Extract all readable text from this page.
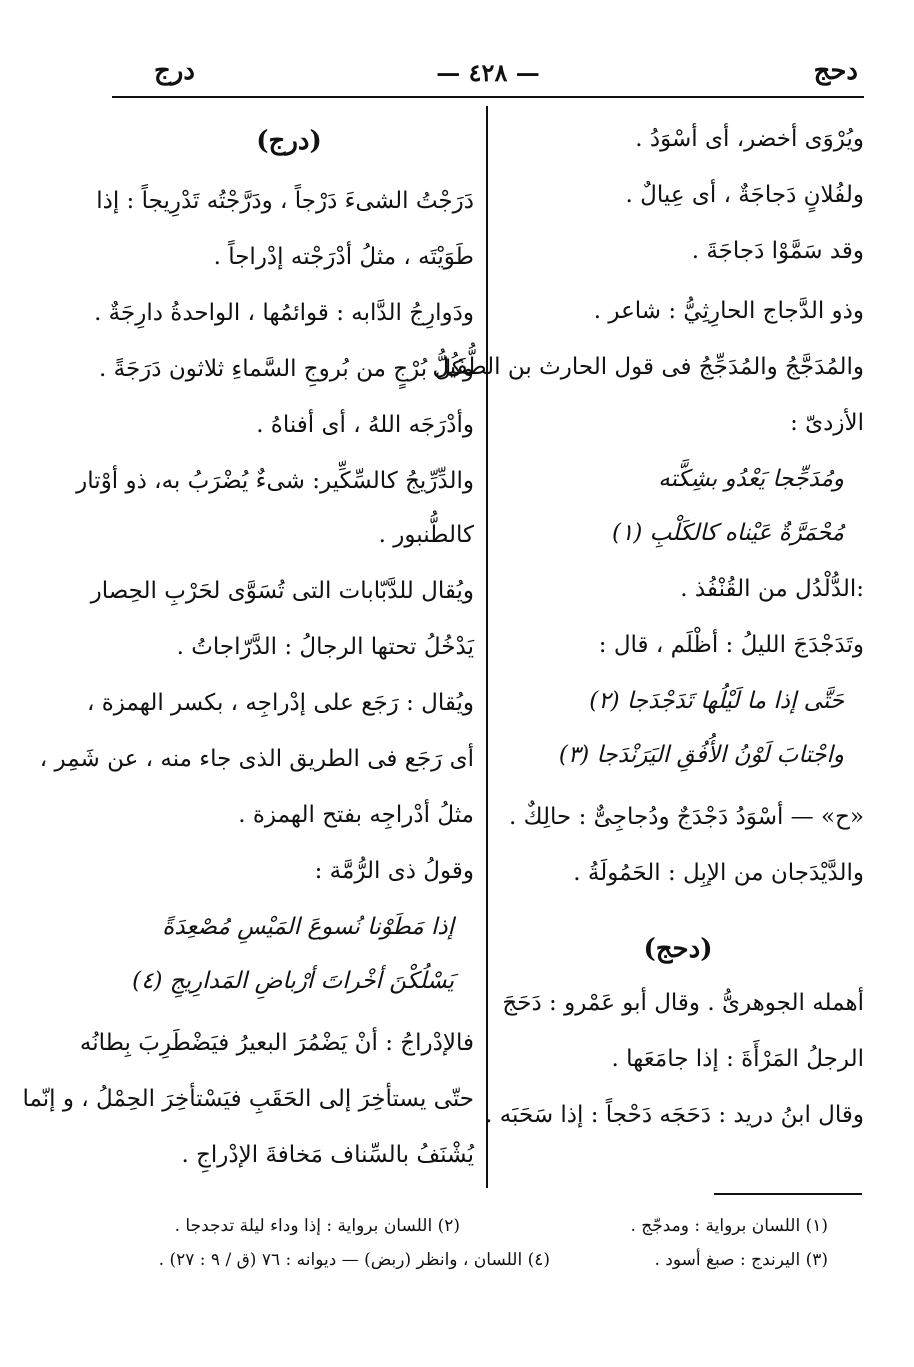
دحج
— ٤٢٨ —
درج
ويُرْوَى أخضر، أى أسْوَدُ .
ولفُلانٍ دَجاجَةٌ ، أى عِيالٌ .
وقد سَمَّوْا دَجاجَةَ .
وذو الدَّجاج الحارِثِيُّ : شاعر .
والمُدَجَّجُ والمُدَجِّجُ فى قول الحارث بن الطُّفَيل
الأزدىّ :
ومُدَجِّجا يَعْدُو بشِكَّته
مُحْمَرَّةٌ عَيْناه كالكَلْبِ (١)
:الدُّلْدُل من القُنْفُذ .
وتَدَجْدَجَ الليلُ : أظْلَم ، قال :
حَتَّى إذا ما لَيْلُها تَدَجْدَجا (٢)
واجْتابَ لَوْنُ الأُفُقِ اليَرَنْدَجا (٣)
«ح» — أسْوَدُ دَجْدَجٌ ودُجاجِىٌّ : حالِكٌ .
والدَّيْدَجان من الإبِل : الحَمُولَةُ .
(دحج)
أهمله الجوهرىُّ . وقال أبو عَمْرو : دَحَجَ
الرجلُ المَرْأَةَ : إذا جامَعَها .
وقال ابنُ دريد : دَحَجَه دَحْجاً : إذا سَحَبَه .
(درج)
دَرَجْتُ الشىءَ دَرْجاً ، ودَرَّجْتُه تَدْرِيجاً : إذا
طَوَيْتَه ، مثلُ أدْرَجْته إدْراجاً .
ودَوارِجُ الدَّابه : قوائمُها ، الواحدةُ دارِجَةٌ .
وكُلُّ بُرْجٍ من بُروجِ السَّماءِ ثلاثون دَرَجَةً .
وأدْرَجَه اللهُ ، أى أفناهُ .
والدِّرِّيجُ كالسِّكِّير: شىءٌ يُضْرَبُ به، ذو أوْتار
كالطُّنبور .
ويُقال للدَّبّابات التى تُسَوَّى لحَرْبِ الحِصار
يَدْخُلُ تحتها الرجالُ : الدَّرّاجاتُ .
ويُقال : رَجَع على إدْراجِه ، بكسر الهمزة ،
أى رَجَع فى الطريق الذى جاء منه ، عن شَمِر ،
مثلُ أدْراجِه بفتح الهمزة .
وقولُ ذى الرُّمَّة :
إذا مَطَوْنا نُسوعَ المَيْسِ مُصْعِدَةً
يَسْلُكْنَ أخْراتَ أرْباضِ المَدارِيجِ (٤)
فالإدْراجُ : أنْ يَضْمُرَ البعيرُ فيَضْطَرِبَ بِطانُه
حتّى يستأخِرَ إلى الحَقَبِ فيَسْتأخِرَ الحِمْلُ ، و إنّما
يُشْنَفُ بالسِّناف مَخافةَ الإدْراجِ .
(١) اللسان برواية : ومدجّج .
(٢) اللسان برواية : إذا وداء ليلة تدجدجا .
(٣) اليرندج : صبغ أسود .
(٤) اللسان ، وانظر (ربض) — ديوانه : ٧٦ (ق / ٩ : ٢٧) .
